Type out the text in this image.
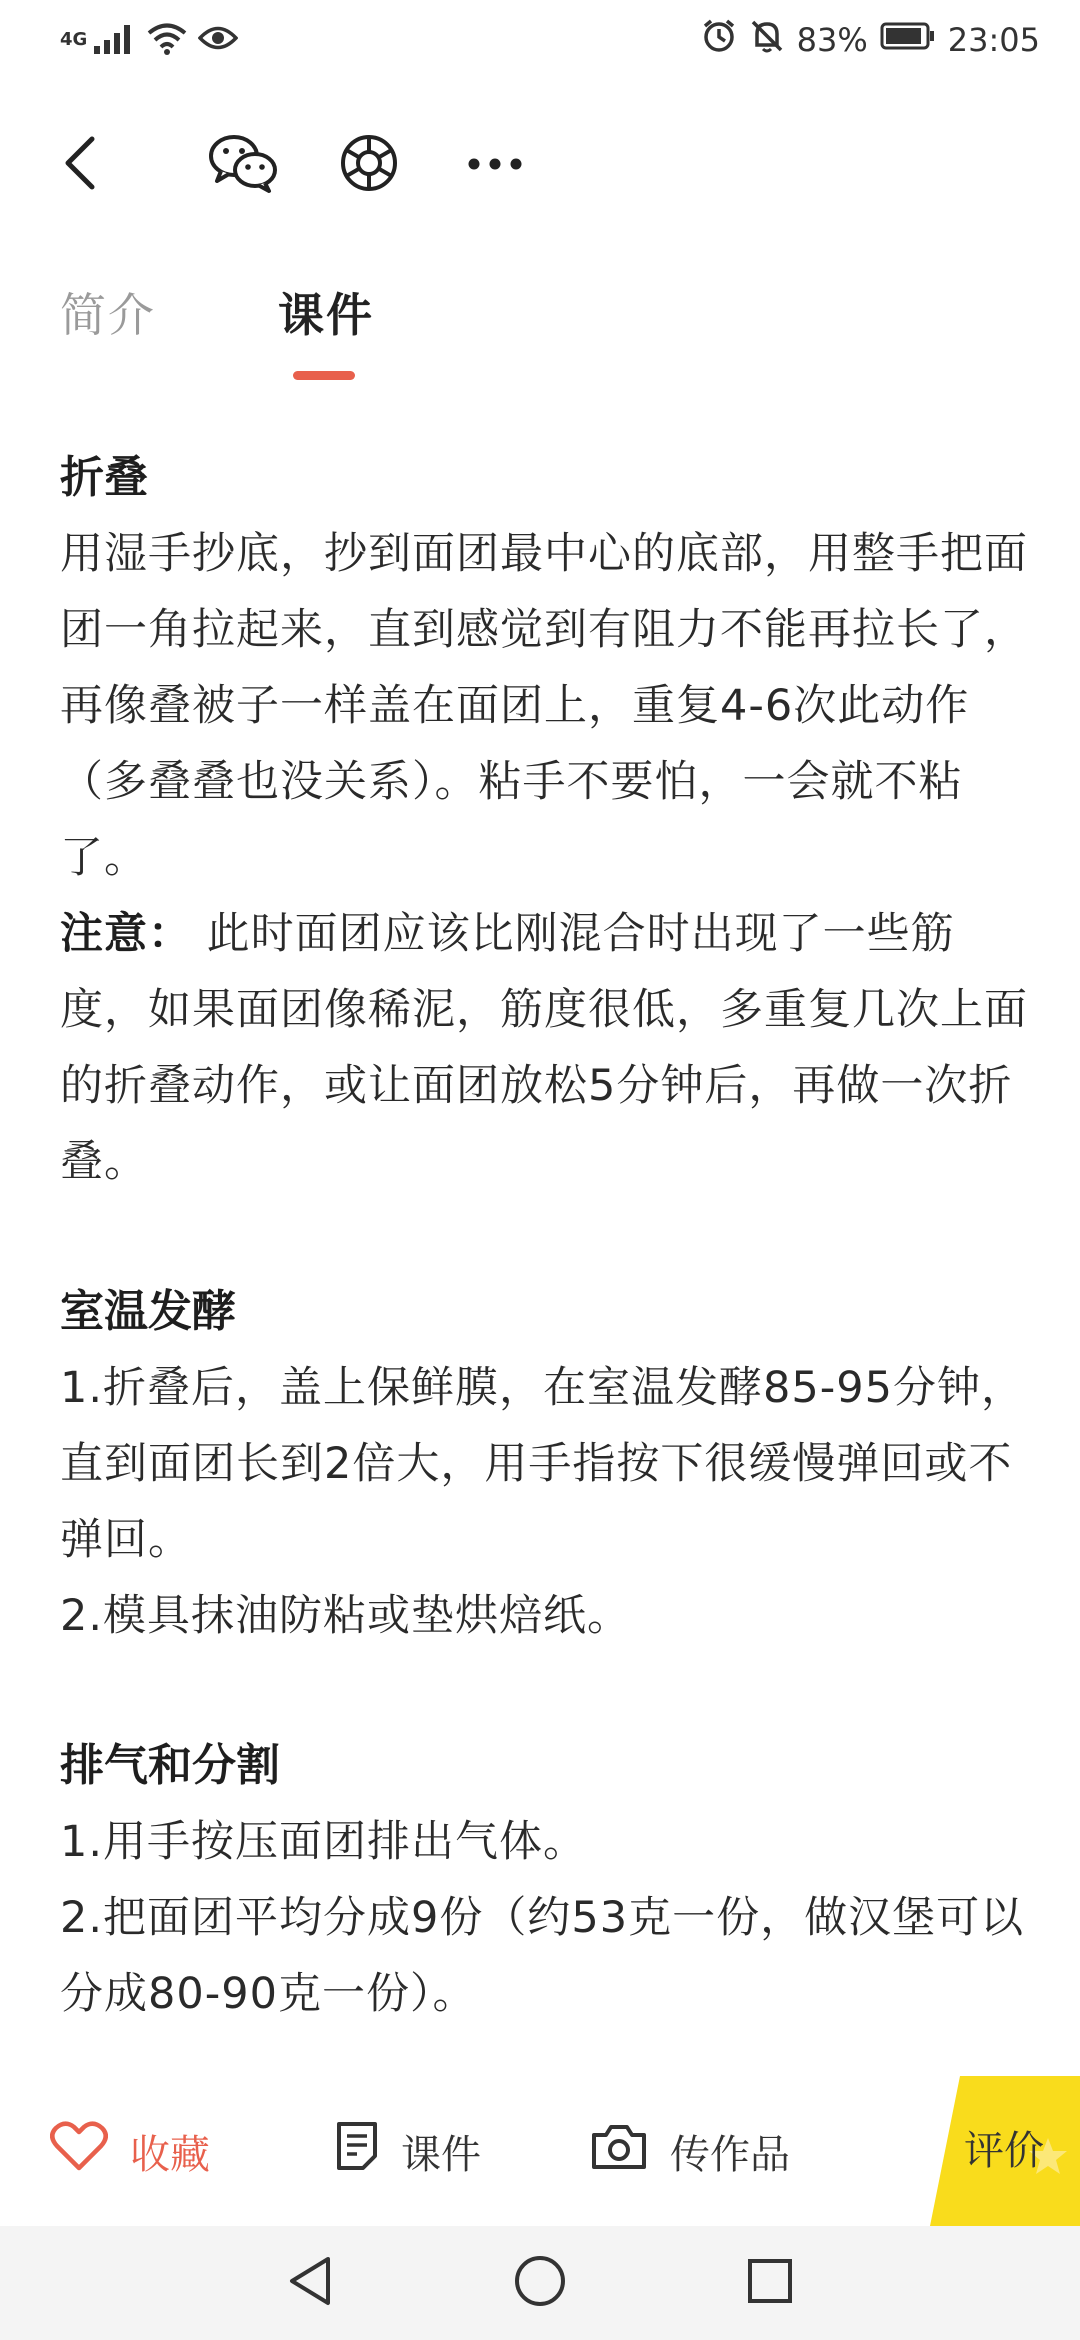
4G	83%	23:05
简介	课件
折叠
用湿手抄底，抄到面团最中心的底部，用整手把面团一角拉起来，直到感觉到有阻力不能再拉长了，再像叠被子一样盖在面团上，重复4-6次此动作（多叠叠也没关系）。粘手不要怕，一会就不粘了。
注意： 此时面团应该比刚混合时出现了一些筋度，如果面团像稀泥，筋度很低，多重复几次上面的折叠动作，或让面团放松5分钟后，再做一次折叠。
室温发酵
1.折叠后，盖上保鲜膜，在室温发酵85-95分钟，直到面团长到2倍大，用手指按下很缓慢弹回或不弹回。
2.模具抹油防粘或垫烘焙纸。
排气和分割
1.用手按压面团排出气体。
2.把面团平均分成9份（约53克一份，做汉堡可以分成80-90克一份）。
收藏	课件	传作品	评价
